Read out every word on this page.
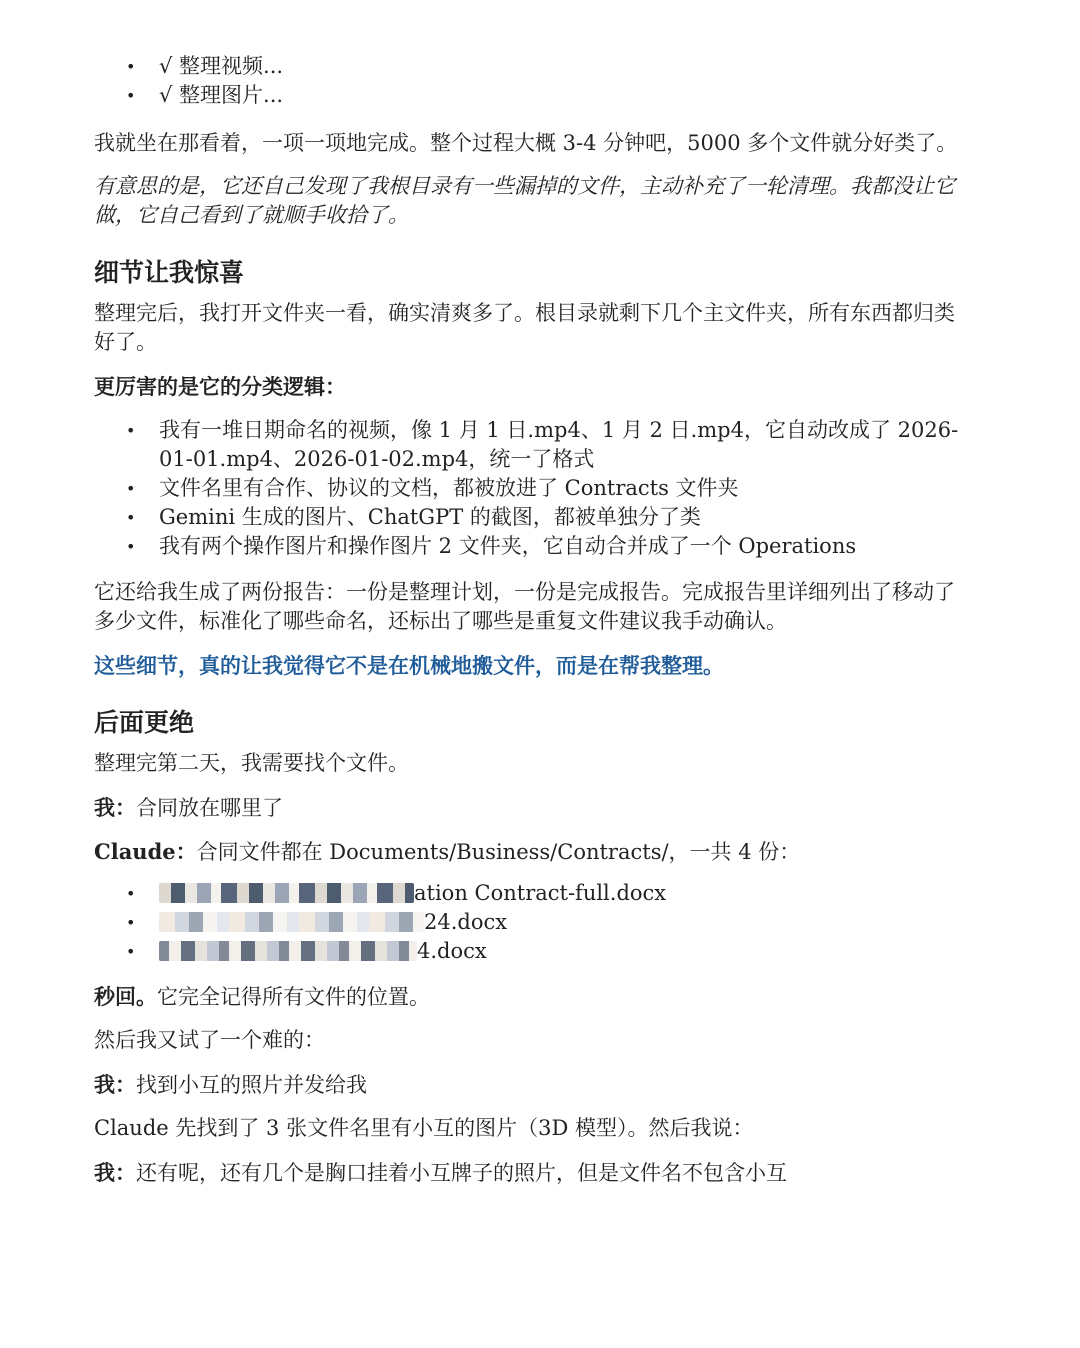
• √ 整理视频...
• √ 整理图片...

我就坐在那看着，一项一项地完成。整个过程大概 3-4 分钟吧，5000 多个文件就分好类了。

有意思的是，它还自己发现了我根目录有一些漏掉的文件，主动补充了一轮清理。我都没让它做，它自己看到了就顺手收拾了。

细节让我惊喜

整理完后，我打开文件夹一看，确实清爽多了。根目录就剩下几个主文件夹，所有东西都归类好了。

更厉害的是它的分类逻辑：

• 我有一堆日期命名的视频，像 1 月 1 日.mp4、1 月 2 日.mp4，它自动改成了 2026-01-01.mp4、2026-01-02.mp4，统一了格式
• 文件名里有合作、协议的文档，都被放进了 Contracts 文件夹
• Gemini 生成的图片、ChatGPT 的截图，都被单独分了类
• 我有两个操作图片和操作图片 2 文件夹，它自动合并成了一个 Operations

它还给我生成了两份报告：一份是整理计划，一份是完成报告。完成报告里详细列出了移动了多少文件，标准化了哪些命名，还标出了哪些是重复文件建议我手动确认。

这些细节，真的让我觉得它不是在机械地搬文件，而是在帮我整理。

后面更绝

整理完第二天，我需要找个文件。

我：合同放在哪里了

Claude：合同文件都在 Documents/Business/Contracts/，一共 4 份：

•	ation Contract-full.docx
•	24.docx
•	4.docx

秒回。它完全记得所有文件的位置。

然后我又试了一个难的：

我：找到小互的照片并发给我

Claude 先找到了 3 张文件名里有小互的图片（3D 模型）。然后我说：

我：还有呢，还有几个是胸口挂着小互牌子的照片，但是文件名不包含小互
